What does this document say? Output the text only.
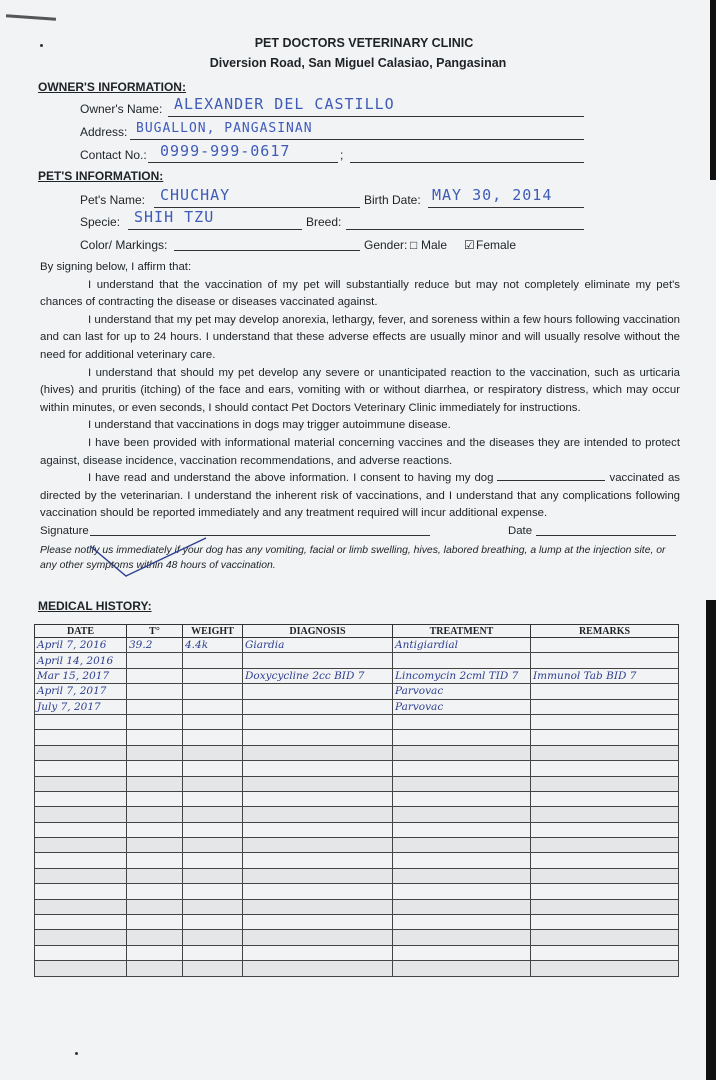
PET DOCTORS VETERINARY CLINIC
Diversion Road, San Miguel Calasiao, Pangasinan
OWNER'S INFORMATION:
Owner's Name: ALEXANDER DEL CASTILLO
Address: BUGALLON, PANGASINAN
Contact No.: 0999-999-0617	;
PET'S INFORMATION:
Pet's Name: CHUCHAY	Birth Date: MAY 30, 2014
Specie: SHIH TZU	Breed:
Color/ Markings:	Gender: □ Male ☑ Female
By signing below, I affirm that:
I understand that the vaccination of my pet will substantially reduce but may not completely eliminate my pet's chances of contracting the disease or diseases vaccinated against.
I understand that my pet may develop anorexia, lethargy, fever, and soreness within a few hours following vaccination and can last for up to 24 hours. I understand that these adverse effects are usually minor and will usually resolve without the need for additional veterinary care.
I understand that should my pet develop any severe or unanticipated reaction to the vaccination, such as urticaria (hives) and pruritis (itching) of the face and ears, vomiting with or without diarrhea, or respiratory distress, which may occur within minutes, or even seconds, I should contact Pet Doctors Veterinary Clinic immediately for instructions.
I understand that vaccinations in dogs may trigger autoimmune disease.
I have been provided with informational material concerning vaccines and the diseases they are intended to protect against, disease incidence, vaccination recommendations, and adverse reactions.
I have read and understand the above information. I consent to having my dog	vaccinated as directed by the veterinarian. I understand the inherent risk of vaccinations, and I understand that any complications following vaccination should be reported immediately and any treatment required will incur additional expense.
Signature	Date
Please notify us immediately if your dog has any vomiting, facial or limb swelling, hives, labored breathing, a lump at the injection site, or any other symptoms within 48 hours of vaccination.
MEDICAL HISTORY:
DATE	T°	WEIGHT	DIAGNOSIS	TREATMENT	REMARKS

April 7, 2016	39.2	4.4k	Giardia	Antigiardial	

April 14, 2016					

Mar 15, 2017			Doxycycline 2cc BID 7	Lincomycin 2cml TID 7	Immunol Tab BID 7

April 7, 2017				Parvovac	

July 7, 2017				Parvovac	
